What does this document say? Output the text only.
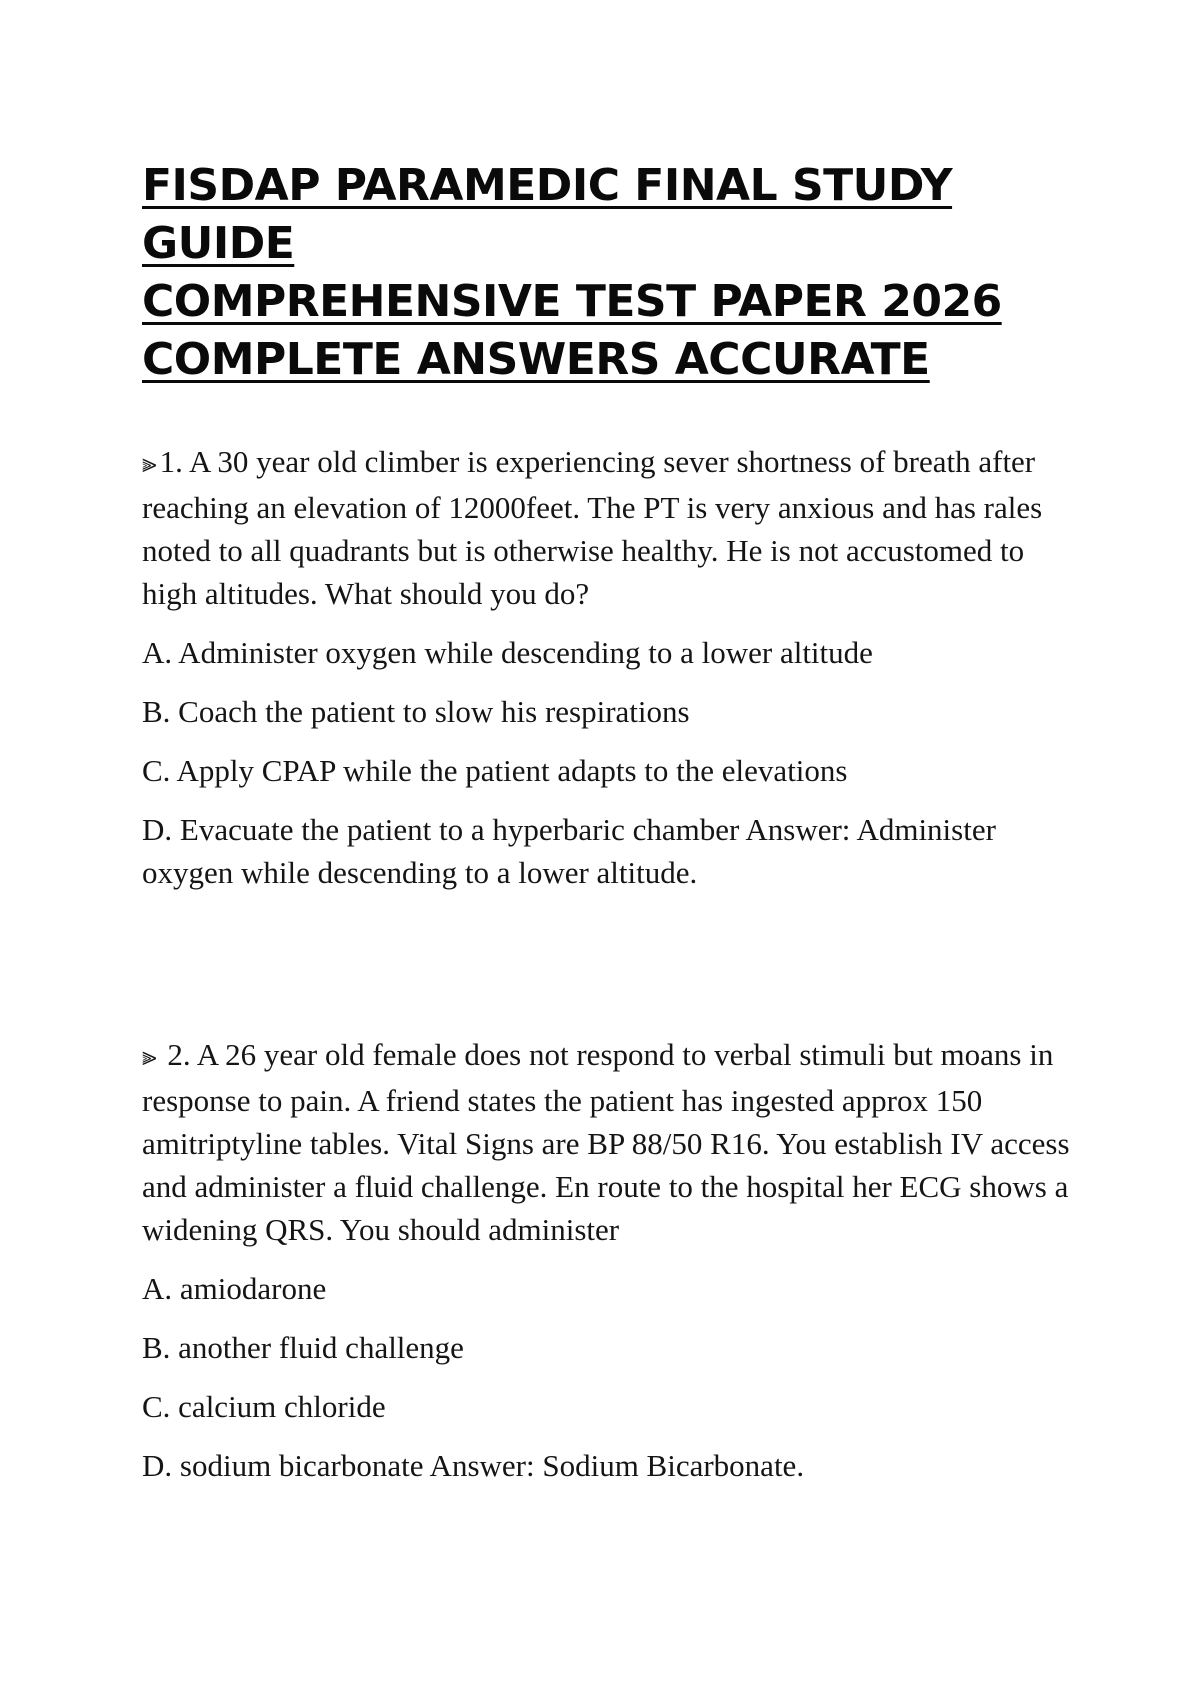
FISDAP PARAMEDIC FINAL STUDY GUIDE
COMPREHENSIVE TEST PAPER 2026
COMPLETE ANSWERS ACCURATE

⫸1. A 30 year old climber is experiencing sever shortness of breath after reaching an elevation of 12000feet. The PT is very anxious and has rales noted to all quadrants but is otherwise healthy. He is not accustomed to high altitudes. What should you do?

A. Administer oxygen while descending to a lower altitude

B. Coach the patient to slow his respirations

C. Apply CPAP while the patient adapts to the elevations

D. Evacuate the patient to a hyperbaric chamber Answer: Administer oxygen while descending to a lower altitude.

⫸ 2. A 26 year old female does not respond to verbal stimuli but moans in response to pain. A friend states the patient has ingested approx 150 amitriptyline tables. Vital Signs are BP 88/50 R16. You establish IV access and administer a fluid challenge. En route to the hospital her ECG shows a widening QRS. You should administer

A. amiodarone

B. another fluid challenge

C. calcium chloride

D. sodium bicarbonate Answer: Sodium Bicarbonate.
